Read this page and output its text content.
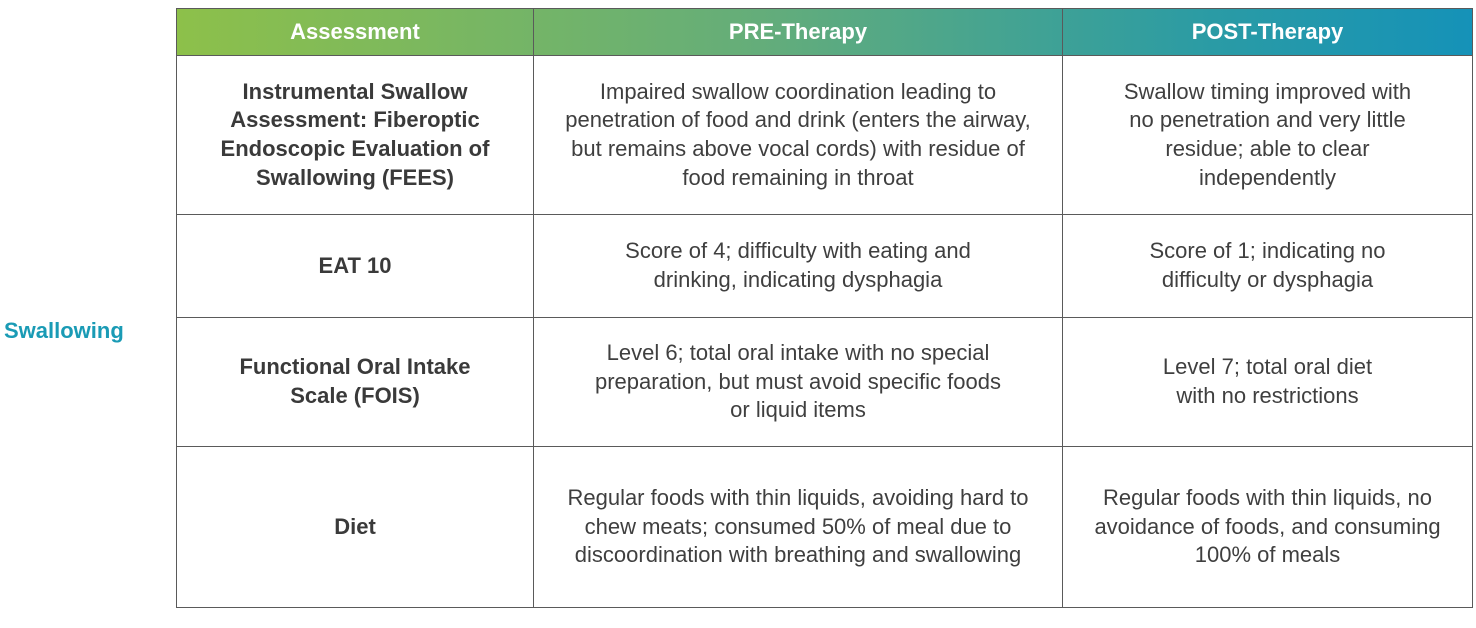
Swallowing
Assessment	PRE-Therapy	POST-Therapy
Instrumental Swallow Assessment: Fiberoptic Endoscopic Evaluation of Swallowing (FEES)	Impaired swallow coordination leading to penetration of food and drink (enters the airway, but remains above vocal cords) with residue of food remaining in throat	Swallow timing improved with no penetration and very little residue; able to clear independently
EAT 10	Score of 4; difficulty with eating and drinking, indicating dysphagia	Score of 1; indicating no difficulty or dysphagia
Functional Oral Intake Scale (FOIS)	Level 6; total oral intake with no special preparation, but must avoid specific foods or liquid items	Level 7; total oral diet with no restrictions
Diet	Regular foods with thin liquids, avoiding hard to chew meats; consumed 50% of meal due to discoordination with breathing and swallowing	Regular foods with thin liquids, no avoidance of foods, and consuming 100% of meals
